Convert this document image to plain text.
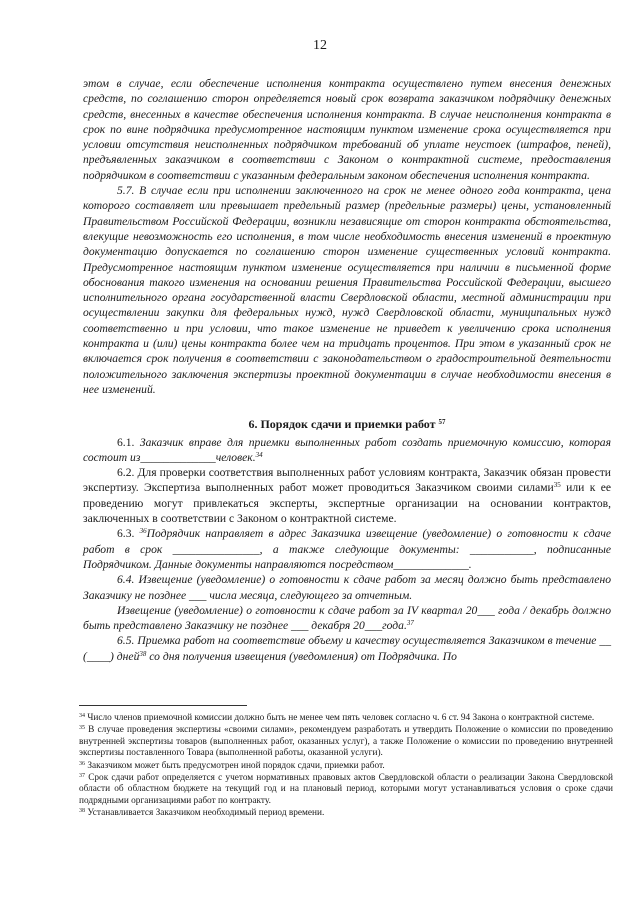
12

этом в случае, если обеспечение исполнения контракта осуществлено путем внесения денежных средств, по соглашению сторон определяется новый срок возврата заказчиком подрядчику денежных средств, внесенных в качестве обеспечения исполнения контракта. В случае неисполнения контракта в срок по вине подрядчика предусмотренное настоящим пунктом изменение срока осуществляется при условии отсутствия неисполненных подрядчиком требований об уплате неустоек (штрафов, пеней), предъявленных заказчиком в соответствии с Законом о контрактной системе, предоставления подрядчиком в соответствии с указанным федеральным законом обеспечения исполнения контракта.

5.7. В случае если при исполнении заключенного на срок не менее одного года контракта, цена которого составляет или превышает предельный размер (предельные размеры) цены, установленный Правительством Российской Федерации, возникли независящие от сторон контракта обстоятельства, влекущие невозможность его исполнения, в том числе необходимость внесения изменений в проектную документацию допускается по соглашению сторон изменение существенных условий контракта. Предусмотренное настоящим пунктом изменение осуществляется при наличии в письменной форме обоснования такого изменения на основании решения Правительства Российской Федерации, высшего исполнительного органа государственной власти Свердловской области, местной администрации при осуществлении закупки для федеральных нужд, нужд Свердловской области, муниципальных нужд соответственно и при условии, что такое изменение не приведет к увеличению срока исполнения контракта и (или) цены контракта более чем на тридцать процентов. При этом в указанный срок не включается срок получения в соответствии с законодательством о градостроительной деятельности положительного заключения экспертизы проектной документации в случае необходимости внесения в нее изменений.

6. Порядок сдачи и приемки работ $^{57}$

6.1. Заказчик вправе для приемки выполненных работ создать приемочную комиссию, которая состоит из_____________человек.$^{34}$

6.2. Для проверки соответствия выполненных работ условиям контракта, Заказчик обязан провести экспертизу. Экспертиза выполненных работ может проводиться Заказчиком своими силами$^{35}$ или к ее проведению могут привлекаться эксперты, экспертные организации на основании контрактов, заключенных в соответствии с Законом о контрактной системе.

6.3. $^{36}$Подрядчик направляет в адрес Заказчика извещение (уведомление) о готовности к сдаче работ в срок _______________, а также следующие документы: ___________, подписанные Подрядчиком. Данные документы направляются посредством_____________.

6.4. Извещение (уведомление) о готовности к сдаче работ за месяц должно быть представлено Заказчику не позднее ___ числа месяца, следующего за отчетным.

Извещение (уведомление) о готовности к сдаче работ за IV квартал 20___ года / декабрь должно быть представлено Заказчику не позднее ___ декабря 20___года.$^{37}$

6.5. Приемка работ на соответствие объему и качеству осуществляется Заказчиком в течение __ (____) дней$^{38}$ со дня получения извещения (уведомления) от Подрядчика. По

$^{34}$ Число членов приемочной комиссии должно быть не менее чем пять человек согласно ч. 6 ст. 94 Закона о контрактной системе.

$^{35}$ В случае проведения экспертизы «своими силами», рекомендуем разработать и утвердить Положение о комиссии по проведению внутренней экспертизы товаров (выполненных работ, оказанных услуг), а также Положение о комиссии по проведению внутренней экспертизы поставленного Товара (выполненной работы, оказанной услуги).

$^{36}$ Заказчиком может быть предусмотрен иной порядок сдачи, приемки работ.

$^{37}$ Срок сдачи работ определяется с учетом нормативных правовых актов Свердловской области о реализации Закона Свердловской области об областном бюджете на текущий год и на плановый период, которыми могут устанавливаться условия о сроке сдачи подрядными организациями работ по контракту.

$^{38}$ Устанавливается Заказчиком необходимый период времени.
